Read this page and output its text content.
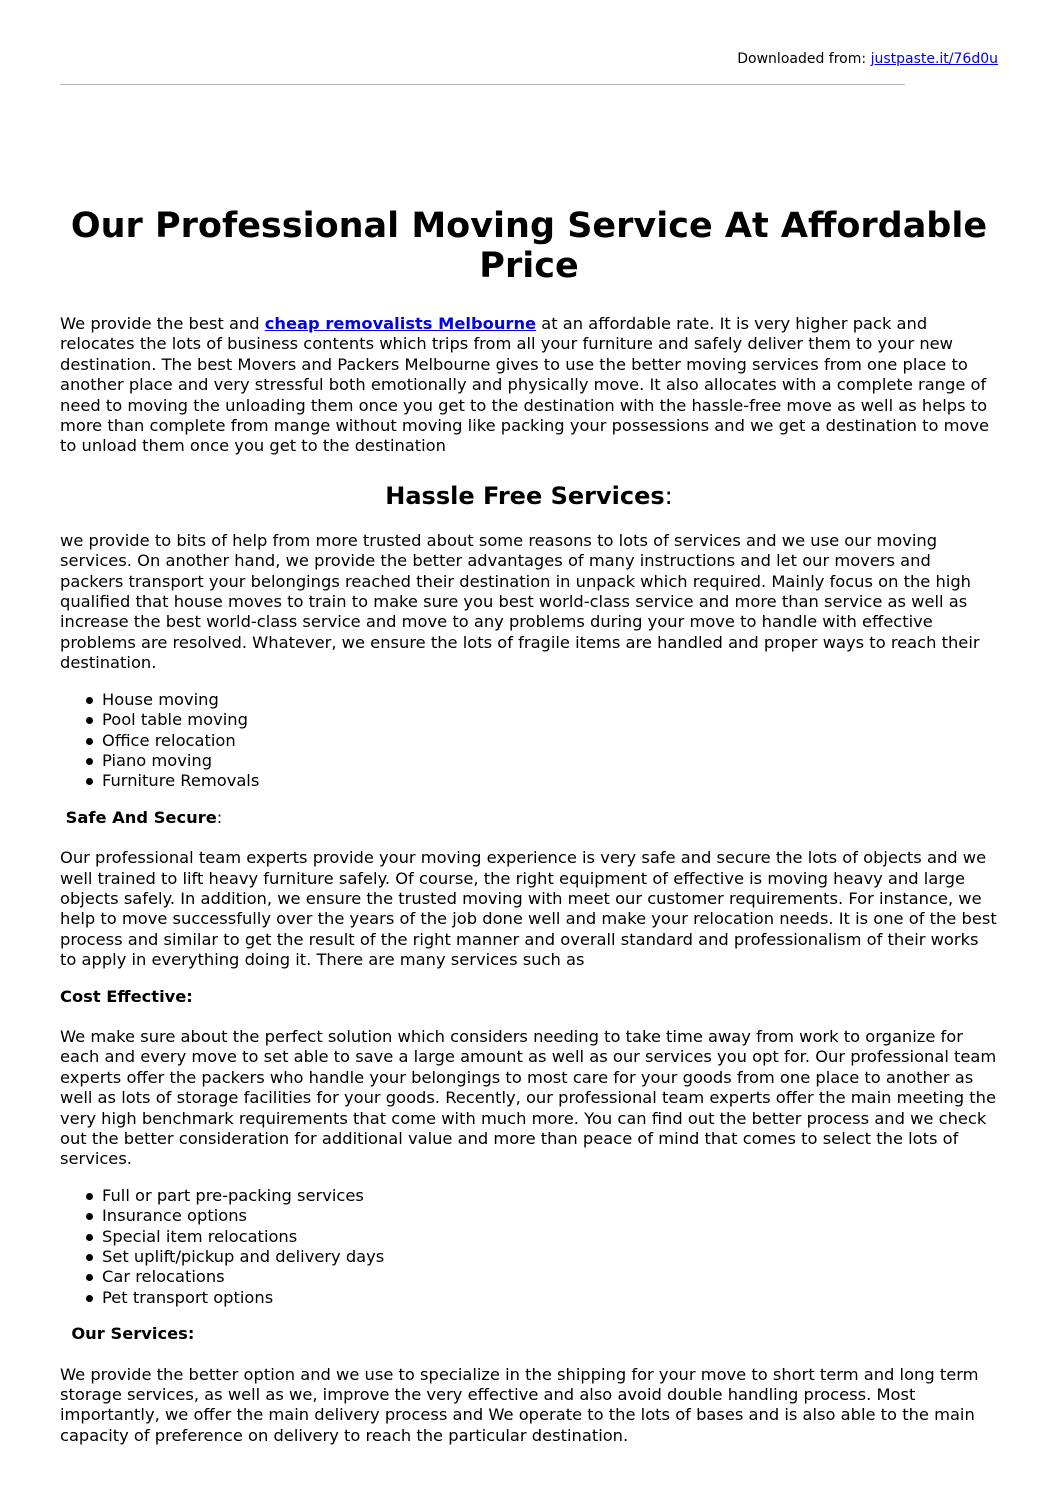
Downloaded from: justpaste.it/76d0u
Our Professional Moving Service At Affordable Price

We provide the best and cheap removalists Melbourne at an affordable rate. It is very higher pack and relocates the lots of business contents which trips from all your furniture and safely deliver them to your new destination. The best Movers and Packers Melbourne gives to use the better moving services from one place to another place and very stressful both emotionally and physically move. It also allocates with a complete range of need to moving the unloading them once you get to the destination with the hassle-free move as well as helps to more than complete from mange without moving like packing your possessions and we get a destination to move to unload them once you get to the destination

Hassle Free Services:

we provide to bits of help from more trusted about some reasons to lots of services and we use our moving services. On another hand, we provide the better advantages of many instructions and let our movers and packers transport your belongings reached their destination in unpack which required. Mainly focus on the high qualified that house moves to train to make sure you best world-class service and more than service as well as increase the best world-class service and move to any problems during your move to handle with effective problems are resolved. Whatever, we ensure the lots of fragile items are handled and proper ways to reach their destination.

House moving
Pool table moving
Office relocation
Piano moving
Furniture Removals
Safe And Secure:

Our professional team experts provide your moving experience is very safe and secure the lots of objects and we well trained to lift heavy furniture safely. Of course, the right equipment of effective is moving heavy and large objects safely. In addition, we ensure the trusted moving with meet our customer requirements. For instance, we help to move successfully over the years of the job done well and make your relocation needs. It is one of the best process and similar to get the result of the right manner and overall standard and professionalism of their works to apply in everything doing it. There are many services such as

Cost Effective:

We make sure about the perfect solution which considers needing to take time away from work to organize for each and every move to set able to save a large amount as well as our services you opt for. Our professional team experts offer the packers who handle your belongings to most care for your goods from one place to another as well as lots of storage facilities for your goods. Recently, our professional team experts offer the main meeting the very high benchmark requirements that come with much more. You can find out the better process and we check out the better consideration for additional value and more than peace of mind that comes to select the lots of services.

Full or part pre-packing services
Insurance options
Special item relocations
Set uplift/pickup and delivery days
Car relocations
Pet transport options
Our Services:

We provide the better option and we use to specialize in the shipping for your move to short term and long term storage services, as well as we, improve the very effective and also avoid double handling process. Most importantly, we offer the main delivery process and We operate to the lots of bases and is also able to the main capacity of preference on delivery to reach the particular destination.
